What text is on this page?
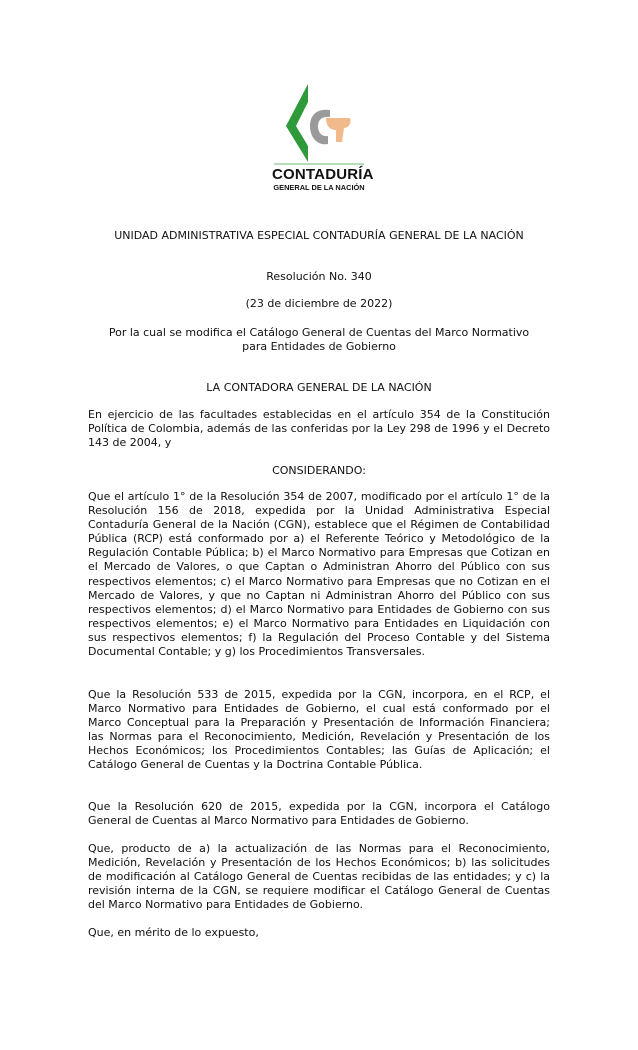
CONTADURÍA
GENERAL DE LA NACIÓN
UNIDAD ADMINISTRATIVA ESPECIAL CONTADURÍA GENERAL DE LA NACIÓN
Resolución No. 340
(23 de diciembre de 2022)
Por la cual se modifica el Catálogo General de Cuentas del Marco Normativo
para Entidades de Gobierno
LA CONTADORA GENERAL DE LA NACIÓN
En ejercicio de las facultades establecidas en el artículo 354 de la Constitución Política de Colombia, además de las conferidas por la Ley 298 de 1996 y el Decreto 143 de 2004, y
CONSIDERANDO:
Que el artículo 1° de la Resolución 354 de 2007, modificado por el artículo 1° de la Resolución 156 de 2018, expedida por la Unidad Administrativa Especial Contaduría General de la Nación (CGN), establece que el Régimen de Contabilidad Pública (RCP) está conformado por a) el Referente Teórico y Metodológico de la Regulación Contable Pública; b) el Marco Normativo para Empresas que Cotizan en el Mercado de Valores, o que Captan o Administran Ahorro del Público con sus respectivos elementos; c) el Marco Normativo para Empresas que no Cotizan en el Mercado de Valores, y que no Captan ni Administran Ahorro del Público con sus respectivos elementos; d) el Marco Normativo para Entidades de Gobierno con sus respectivos elementos; e) el Marco Normativo para Entidades en Liquidación con sus respectivos elementos; f) la Regulación del Proceso Contable y del Sistema Documental Contable; y g) los Procedimientos Transversales.
Que la Resolución 533 de 2015, expedida por la CGN, incorpora, en el RCP, el Marco Normativo para Entidades de Gobierno, el cual está conformado por el Marco Conceptual para la Preparación y Presentación de Información Financiera; las Normas para el Reconocimiento, Medición, Revelación y Presentación de los Hechos Económicos; los Procedimientos Contables; las Guías de Aplicación; el Catálogo General de Cuentas y la Doctrina Contable Pública.
Que la Resolución 620 de 2015, expedida por la CGN, incorpora el Catálogo General de Cuentas al Marco Normativo para Entidades de Gobierno.
Que, producto de a) la actualización de las Normas para el Reconocimiento, Medición, Revelación y Presentación de los Hechos Económicos; b) las solicitudes de modificación al Catálogo General de Cuentas recibidas de las entidades; y c) la revisión interna de la CGN, se requiere modificar el Catálogo General de Cuentas del Marco Normativo para Entidades de Gobierno.
Que, en mérito de lo expuesto,
